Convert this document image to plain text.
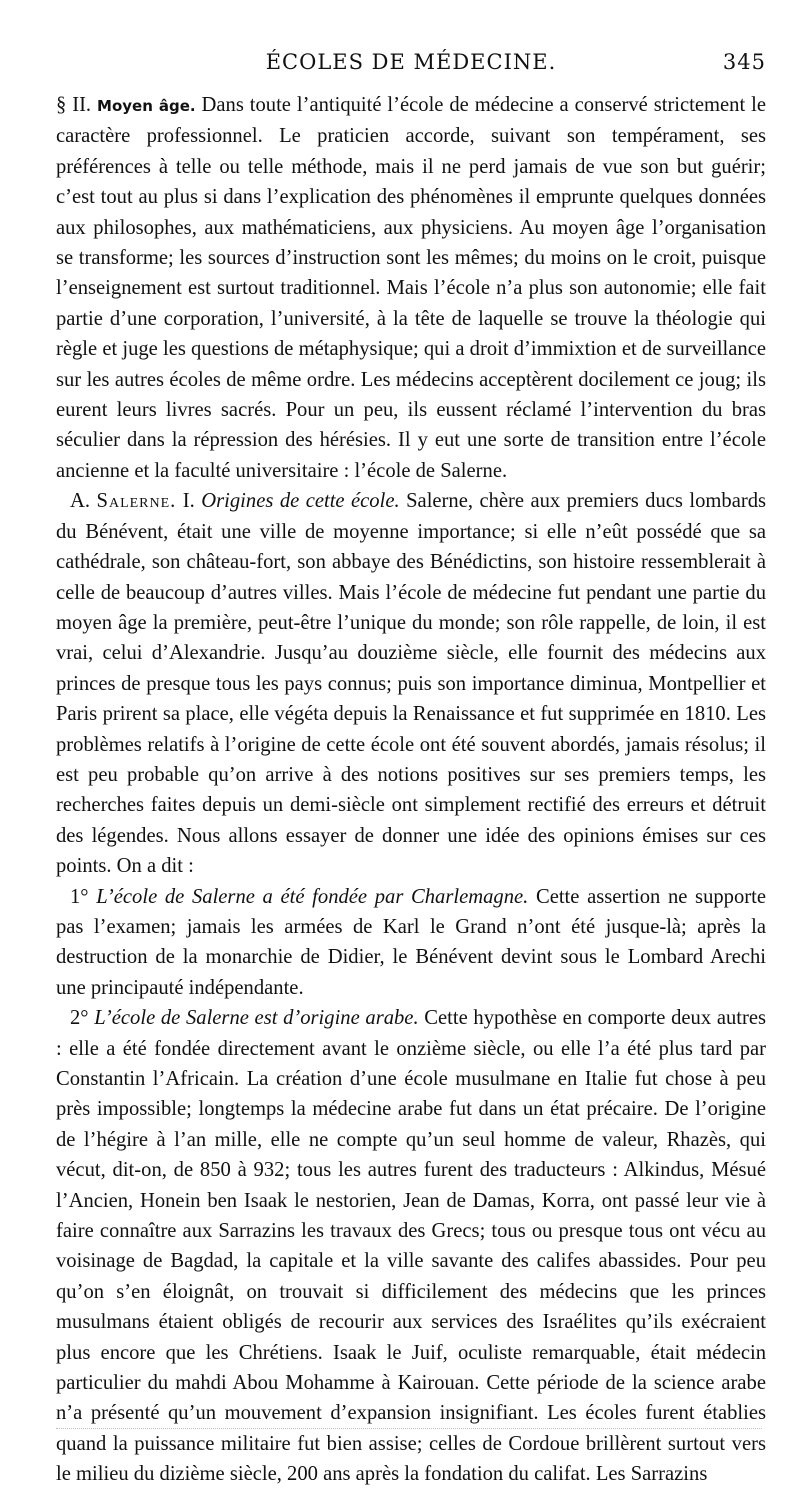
ÉCOLES DE MÉDECINE.	345

§ II. Moyen âge. Dans toute l’antiquité l’école de médecine a conservé strictement le caractère professionnel. Le praticien accorde, suivant son tempérament, ses préférences à telle ou telle méthode, mais il ne perd jamais de vue son but guérir; c’est tout au plus si dans l’explication des phénomènes il emprunte quelques données aux philosophes, aux mathématiciens, aux physiciens. Au moyen âge l’organisation se transforme; les sources d’instruction sont les mêmes; du moins on le croit, puisque l’enseignement est surtout traditionnel. Mais l’école n’a plus son autonomie; elle fait partie d’une corporation, l’université, à la tête de laquelle se trouve la théologie qui règle et juge les questions de métaphysique; qui a droit d’immixtion et de surveillance sur les autres écoles de même ordre. Les médecins acceptèrent docilement ce joug; ils eurent leurs livres sacrés. Pour un peu, ils eussent réclamé l’intervention du bras séculier dans la répression des hérésies. Il y eut une sorte de transition entre l’école ancienne et la faculté universitaire : l’école de Salerne.

A. Salerne. I. Origines de cette école. Salerne, chère aux premiers ducs lombards du Bénévent, était une ville de moyenne importance; si elle n’eût possédé que sa cathédrale, son château-fort, son abbaye des Bénédictins, son histoire ressemblerait à celle de beaucoup d’autres villes. Mais l’école de médecine fut pendant une partie du moyen âge la première, peut-être l’unique du monde; son rôle rappelle, de loin, il est vrai, celui d’Alexandrie. Jusqu’au douzième siècle, elle fournit des médecins aux princes de presque tous les pays connus; puis son importance diminua, Montpellier et Paris prirent sa place, elle végéta depuis la Renaissance et fut supprimée en 1810. Les problèmes relatifs à l’origine de cette école ont été souvent abordés, jamais résolus; il est peu probable qu’on arrive à des notions positives sur ses premiers temps, les recherches faites depuis un demi-siècle ont simplement rectifié des erreurs et détruit des légendes. Nous allons essayer de donner une idée des opinions émises sur ces points. On a dit :

1° L’école de Salerne a été fondée par Charlemagne. Cette assertion ne supporte pas l’examen; jamais les armées de Karl le Grand n’ont été jusque-là; après la destruction de la monarchie de Didier, le Bénévent devint sous le Lombard Arechi une principauté indépendante.

2° L’école de Salerne est d’origine arabe. Cette hypothèse en comporte deux autres : elle a été fondée directement avant le onzième siècle, ou elle l’a été plus tard par Constantin l’Africain. La création d’une école musulmane en Italie fut chose à peu près impossible; longtemps la médecine arabe fut dans un état précaire. De l’origine de l’hégire à l’an mille, elle ne compte qu’un seul homme de valeur, Rhazès, qui vécut, dit-on, de 850 à 932; tous les autres furent des traducteurs : Alkindus, Mésué l’Ancien, Honein ben Isaak le nestorien, Jean de Damas, Korra, ont passé leur vie à faire connaître aux Sarrazins les travaux des Grecs; tous ou presque tous ont vécu au voisinage de Bagdad, la capitale et la ville savante des califes abassides. Pour peu qu’on s’en éloignât, on trouvait si difficilement des médecins que les princes musulmans étaient obligés de recourir aux services des Israélites qu’ils exécraient plus encore que les Chrétiens. Isaak le Juif, oculiste remarquable, était médecin particulier du mahdi Abou Mohamme à Kairouan. Cette période de la science arabe n’a présenté qu’un mouvement d’expansion insignifiant. Les écoles furent établies quand la puissance militaire fut bien assise; celles de Cordoue brillèrent surtout vers le milieu du dizième siècle, 200 ans après la fondation du califat. Les Sarrazins
